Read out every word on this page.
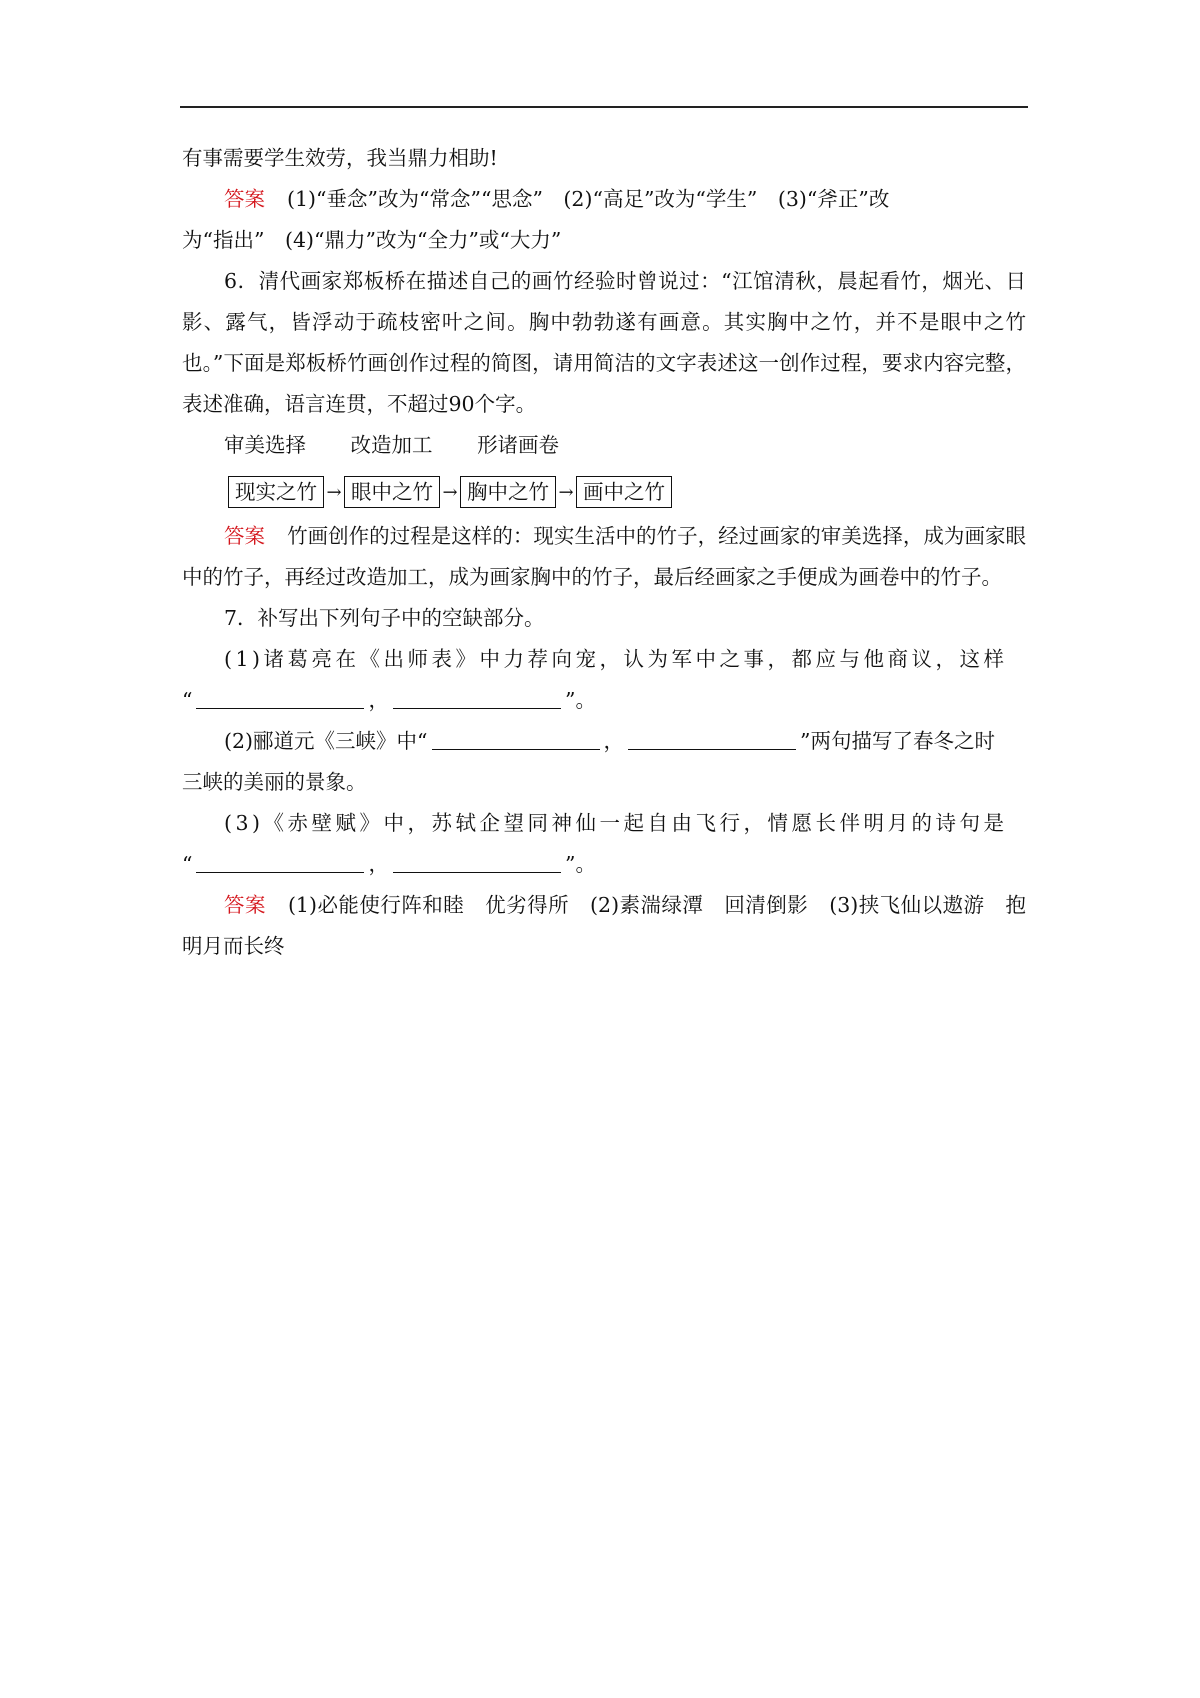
有事需要学生效劳，我当鼎力相助!

答案 (1)“垂念”改为“常念”“思念”　(2)“高足”改为“学生”　(3)“斧正”改

为“指出”　(4)“鼎力”改为“全力”或“大力”

6．清代画家郑板桥在描述自己的画竹经验时曾说过：“江馆清秋，晨起看竹，烟光、日影、露气，皆浮动于疏枝密叶之间。胸中勃勃遂有画意。其实胸中之竹，并不是眼中之竹也。”下面是郑板桥竹画创作过程的简图，请用简洁的文字表述这一创作过程，要求内容完整，表述准确，语言连贯，不超过90个字。

审美选择 改造加工 形诸画卷

现实之竹 → 眼中之竹 → 胸中之竹 → 画中之竹

答案 竹画创作的过程是这样的：现实生活中的竹子，经过画家的审美选择，成为画家眼中的竹子，再经过改造加工，成为画家胸中的竹子，最后经画家之手便成为画卷中的竹子。

7．补写出下列句子中的空缺部分。

(1)诸葛亮在《出师表》中力荐向宠，认为军中之事，都应与他商议，这样

“	，	”。

(2)郦道元《三峡》中“	，	”两句描写了春冬之时

三峡的美丽的景象。

(3)《赤壁赋》中，苏轼企望同神仙一起自由飞行，情愿长伴明月的诗句是

“	，	”。

答案 (1)必能使行阵和睦　优劣得所　(2)素湍绿潭　回清倒影　(3)挟飞仙以遨游　抱明月而长终
